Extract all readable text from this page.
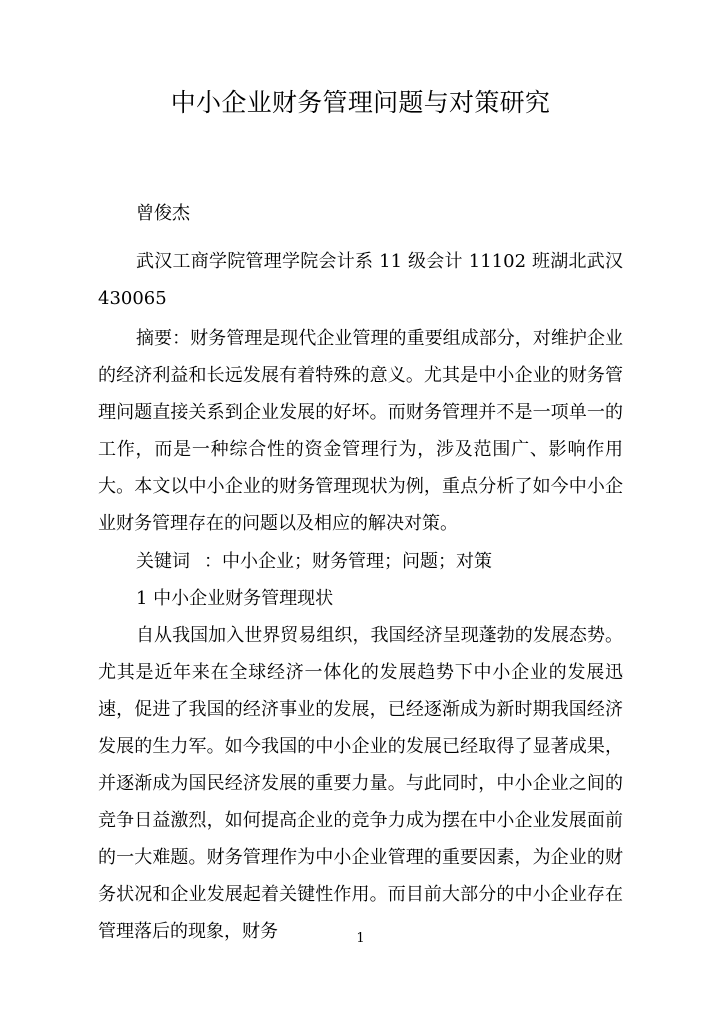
中小企业财务管理问题与对策研究
曾俊杰
武汉工商学院管理学院会计系 11 级会计 11102 班湖北武汉 430065
摘要：财务管理是现代企业管理的重要组成部分，对维护企业的经济利益和长远发展有着特殊的意义。尤其是中小企业的财务管理问题直接关系到企业发展的好坏。而财务管理并不是一项单一的工作，而是一种综合性的资金管理行为，涉及范围广、影响作用大。本文以中小企业的财务管理现状为例，重点分析了如今中小企业财务管理存在的问题以及相应的解决对策。
关键词 ：中小企业；财务管理；问题；对策
1 中小企业财务管理现状
自从我国加入世界贸易组织，我国经济呈现蓬勃的发展态势。尤其是近年来在全球经济一体化的发展趋势下中小企业的发展迅速，促进了我国的经济事业的发展，已经逐渐成为新时期我国经济发展的生力军。如今我国的中小企业的发展已经取得了显著成果，并逐渐成为国民经济发展的重要力量。与此同时，中小企业之间的竞争日益激烈，如何提高企业的竞争力成为摆在中小企业发展面前的一大难题。财务管理作为中小企业管理的重要因素，为企业的财务状况和企业发展起着关键性作用。而目前大部分的中小企业存在管理落后的现象，财务	1
